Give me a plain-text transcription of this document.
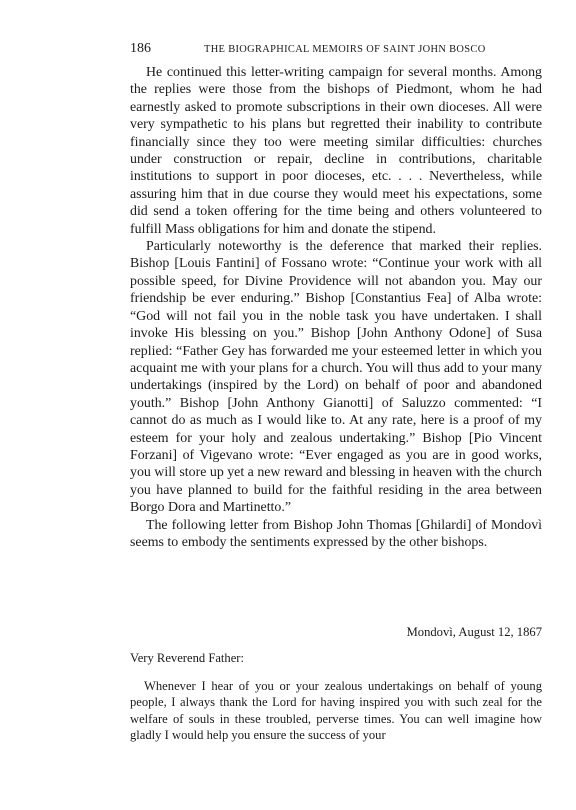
186	THE BIOGRAPHICAL MEMOIRS OF SAINT JOHN BOSCO

He continued this letter-writing campaign for several months. Among the replies were those from the bishops of Piedmont, whom he had earnestly asked to promote subscriptions in their own dioceses. All were very sympathetic to his plans but regretted their inability to contribute financially since they too were meeting similar difficulties: churches under construction or repair, decline in contributions, charitable institutions to support in poor dioceses, etc. . . . Nevertheless, while assuring him that in due course they would meet his expectations, some did send a token offering for the time being and others volunteered to fulfill Mass obligations for him and donate the stipend.

Particularly noteworthy is the deference that marked their replies. Bishop [Louis Fantini] of Fossano wrote: “Continue your work with all possible speed, for Divine Providence will not abandon you. May our friendship be ever enduring.” Bishop [Constantius Fea] of Alba wrote: “God will not fail you in the noble task you have undertaken. I shall invoke His blessing on you.” Bishop [John Anthony Odone] of Susa replied: “Father Gey has forwarded me your esteemed letter in which you acquaint me with your plans for a church. You will thus add to your many undertakings (inspired by the Lord) on behalf of poor and abandoned youth.” Bishop [John Anthony Gianotti] of Saluzzo commented: “I cannot do as much as I would like to. At any rate, here is a proof of my esteem for your holy and zealous undertaking.” Bishop [Pio Vincent Forzani] of Vigevano wrote: “Ever engaged as you are in good works, you will store up yet a new reward and blessing in heaven with the church you have planned to build for the faithful residing in the area between Borgo Dora and Martinetto.”

The following letter from Bishop John Thomas [Ghilardi] of Mondovì seems to embody the sentiments expressed by the other bishops.

Mondovì, August 12, 1867
Very Reverend Father:

Whenever I hear of you or your zealous undertakings on behalf of young people, I always thank the Lord for having inspired you with such zeal for the welfare of souls in these troubled, perverse times. You can well imagine how gladly I would help you ensure the success of your
